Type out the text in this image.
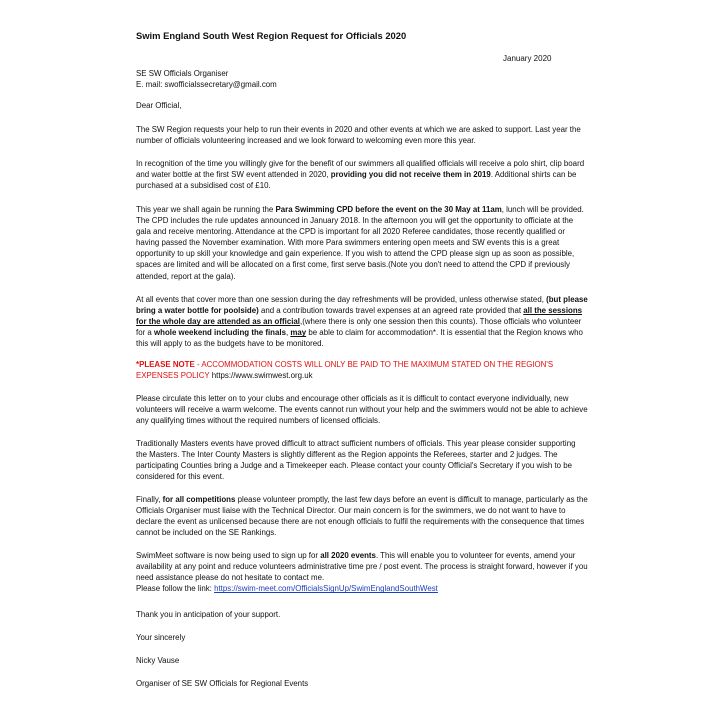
Swim England South West Region Request for Officials 2020
January 2020
SE SW Officials Organiser
E. mail: swofficialssecretary@gmail.com
Dear Official,

The SW Region requests your help to run their events in 2020 and other events at which we are asked to support. Last year the number of officials volunteering increased and we look forward to welcoming even more this year.

In recognition of the time you willingly give for the benefit of our swimmers all qualified officials will receive a polo shirt, clip board and water bottle at the first SW event attended in 2020, providing you did not receive them in 2019. Additional shirts can be purchased at a subsidised cost of £10.

This year we shall again be running the Para Swimming CPD before the event on the 30 May at 11am, lunch will be provided. The CPD includes the rule updates announced in January 2018. In the afternoon you will get the opportunity to officiate at the gala and receive mentoring. Attendance at the CPD is important for all 2020 Referee candidates, those recently qualified or having passed the November examination. With more Para swimmers entering open meets and SW events this is a great opportunity to up skill your knowledge and gain experience. If you wish to attend the CPD please sign up as soon as possible, spaces are limited and will be allocated on a first come, first serve basis.(Note you don't need to attend the CPD if previously attended, report at the gala).

At all events that cover more than one session during the day refreshments will be provided, unless otherwise stated, (but please bring a water bottle for poolside) and a contribution towards travel expenses at an agreed rate provided that all the sessions for the whole day are attended as an official,(where there is only one session then this counts). Those officials who volunteer for a whole weekend including the finals, may be able to claim for accommodation*. It is essential that the Region knows who this will apply to as the budgets have to be monitored.

*PLEASE NOTE - ACCOMMODATION COSTS WILL ONLY BE PAID TO THE MAXIMUM STATED ON THE REGION'S EXPENSES POLICY https://www.swimwest.org.uk

Please circulate this letter on to your clubs and encourage other officials as it is difficult to contact everyone individually, new volunteers will receive a warm welcome. The events cannot run without your help and the swimmers would not be able to achieve any qualifying times without the required numbers of licensed officials.

Traditionally Masters events have proved difficult to attract sufficient numbers of officials. This year please consider supporting the Masters. The Inter County Masters is slightly different as the Region appoints the Referees, starter and 2 judges. The participating Counties bring a Judge and a Timekeeper each. Please contact your county Official's Secretary if you wish to be considered for this event.

Finally, for all competitions please volunteer promptly, the last few days before an event is difficult to manage, particularly as the Officials Organiser must liaise with the Technical Director. Our main concern is for the swimmers, we do not want to have to declare the event as unlicensed because there are not enough officials to fulfil the requirements with the consequence that times cannot be included on the SE Rankings.

SwimMeet software is now being used to sign up for all 2020 events. This will enable you to volunteer for events, amend your availability at any point and reduce volunteers administrative time pre / post event. The process is straight forward, however if you need assistance please do not hesitate to contact me.
Please follow the link: https://swim-meet.com/OfficialsSignUp/SwimEnglandSouthWest

Thank you in anticipation of your support.
Your sincerely
Nicky Vause
Organiser of SE SW Officials for Regional Events
